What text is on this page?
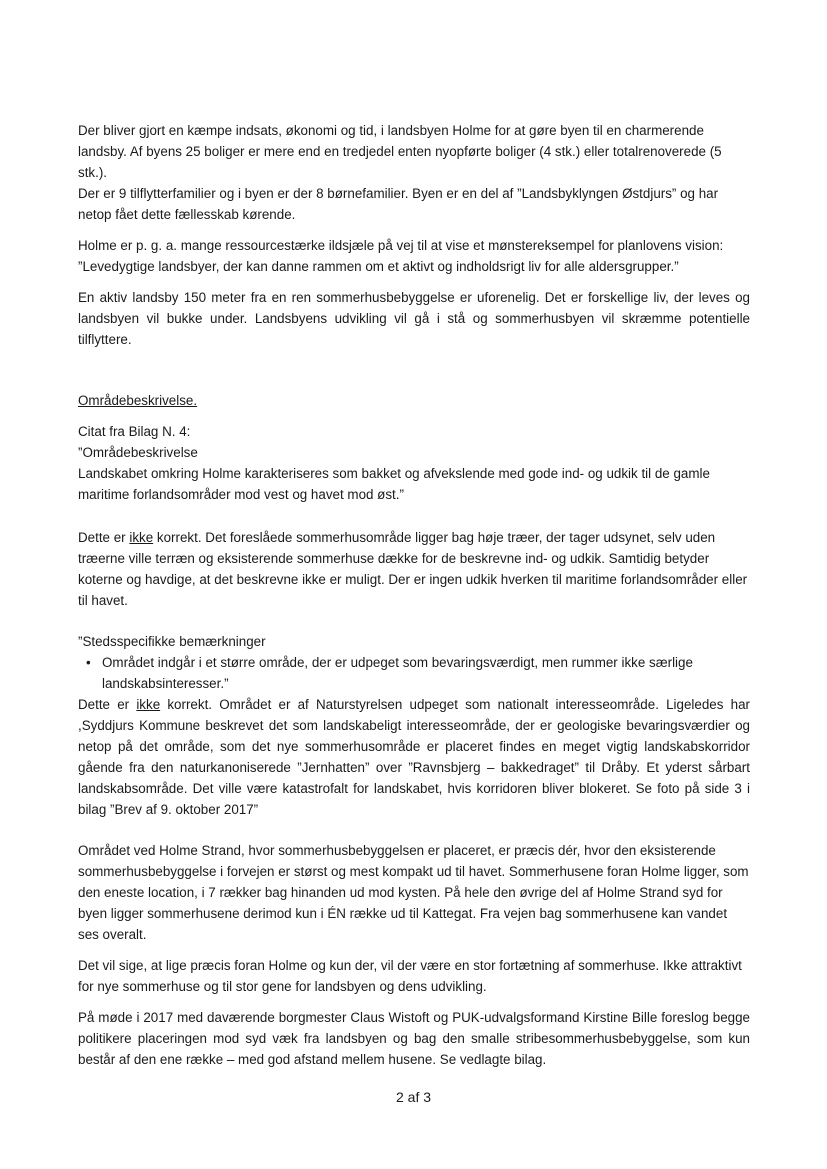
Der bliver gjort en kæmpe indsats, økonomi og tid, i landsbyen Holme for at gøre byen til en charmerende landsby. Af byens 25 boliger er mere end en tredjedel enten nyopførte boliger (4 stk.) eller totalrenoverede (5 stk.).

Der er 9 tilflytterfamilier og i byen er der 8 børnefamilier. Byen er en del af ”Landsbyklyngen Østdjurs” og har netop fået dette fællesskab kørende.

Holme er p. g. a. mange ressourcestærke ildsjæle på vej til at vise et mønstereksempel for planlovens vision: ”Levedygtige landsbyer, der kan danne rammen om et aktivt og indholdsrigt liv for alle aldersgrupper.”

En aktiv landsby 150 meter fra en ren sommerhusbebyggelse er uforenelig. Det er forskellige liv, der leves og landsbyen vil bukke under. Landsbyens udvikling vil gå i stå og sommerhusbyen vil skræmme potentielle tilflyttere.

Områdebeskrivelse.

Citat fra Bilag N. 4:

”Områdebeskrivelse

Landskabet omkring Holme karakteriseres som bakket og afvekslende med gode ind- og udkik til de gamle maritime forlandsområder mod vest og havet mod øst.”

Dette er ikke korrekt. Det foreslåede sommerhusområde ligger bag høje træer, der tager udsynet, selv uden træerne ville terræn og eksisterende sommerhuse dække for de beskrevne ind- og udkik. Samtidig betyder koterne og havdige, at det beskrevne ikke er muligt. Der er ingen udkik hverken til maritime forlandsområder eller til havet.

”Stedsspecifikke bemærkninger

• Området indgår i et større område, der er udpeget som bevaringsværdigt, men rummer ikke særlige landskabsinteresser.”

Dette er ikke korrekt. Området er af Naturstyrelsen udpeget som nationalt interesseområde. Ligeledes har ,Syddjurs Kommune beskrevet det som landskabeligt interesseområde, der er geologiske bevaringsværdier og netop på det område, som det nye sommerhusområde er placeret findes en meget vigtig landskabskorridor gående fra den naturkanoniserede ”Jernhatten” over ”Ravnsbjerg – bakkedraget” til Dråby. Et yderst sårbart landskabsområde. Det ville være katastrofalt for landskabet, hvis korridoren bliver blokeret. Se foto på side 3 i bilag ”Brev af 9. oktober 2017”

Området ved Holme Strand, hvor sommerhusbebyggelsen er placeret, er præcis dér, hvor den eksisterende sommerhusbebyggelse i forvejen er størst og mest kompakt ud til havet. Sommerhusene foran Holme ligger, som den eneste location, i 7 rækker bag hinanden ud mod kysten. På hele den øvrige del af Holme Strand syd for byen ligger sommerhusene derimod kun i ÉN række ud til Kattegat. Fra vejen bag sommerhusene kan vandet ses overalt.

Det vil sige, at lige præcis foran Holme og kun der, vil der være en stor fortætning af sommerhuse. Ikke attraktivt for nye sommerhuse og til stor gene for landsbyen og dens udvikling.

På møde i 2017 med daværende borgmester Claus Wistoft og PUK-udvalgsformand Kirstine Bille foreslog begge politikere placeringen mod syd væk fra landsbyen og bag den smalle stribesommerhusbebyggelse, som kun består af den ene række – med god afstand mellem husene. Se vedlagte bilag.

2 af 3
